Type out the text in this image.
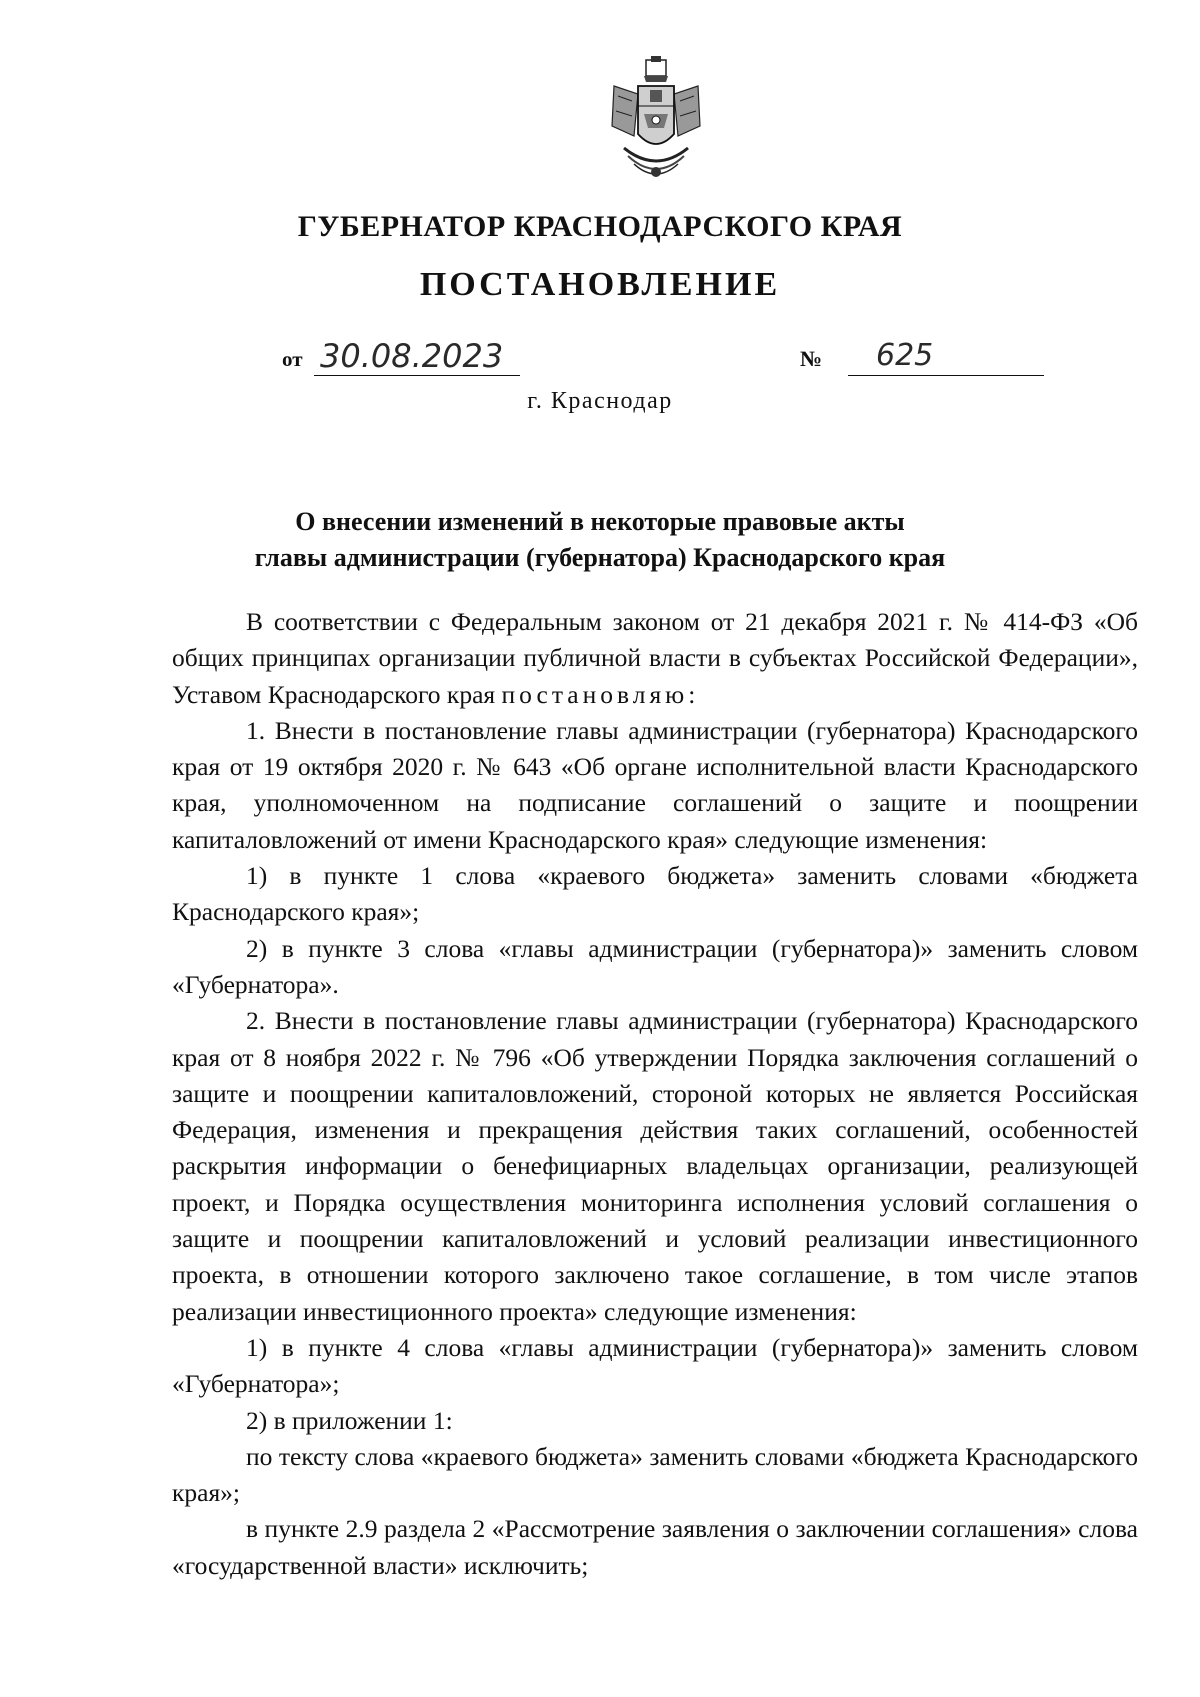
ГУБЕРНАТОР КРАСНОДАРСКОГО КРАЯ
ПОСТАНОВЛЕНИЕ
от 30.08.2023	№	625
г. Краснодар
О внесении изменений в некоторые правовые акты
главы администрации (губернатора) Краснодарского края

В соответствии с Федеральным законом от 21 декабря 2021 г. № 414-ФЗ «Об общих принципах организации публичной власти в субъектах Российской Федерации», Уставом Краснодарского края постановляю:

1. Внести в постановление главы администрации (губернатора) Краснодарского края от 19 октября 2020 г. № 643 «Об органе исполнительной власти Краснодарского края, уполномоченном на подписание соглашений о защите и поощрении капиталовложений от имени Краснодарского края» следующие изменения:

1) в пункте 1 слова «краевого бюджета» заменить словами «бюджета Краснодарского края»;

2) в пункте 3 слова «главы администрации (губернатора)» заменить словом «Губернатора».

2. Внести в постановление главы администрации (губернатора) Краснодарского края от 8 ноября 2022 г. № 796 «Об утверждении Порядка заключения соглашений о защите и поощрении капиталовложений, стороной которых не является Российская Федерация, изменения и прекращения действия таких соглашений, особенностей раскрытия информации о бенефициарных владельцах организации, реализующей проект, и Порядка осуществления мониторинга исполнения условий соглашения о защите и поощрении капиталовложений и условий реализации инвестиционного проекта, в отношении которого заключено такое соглашение, в том числе этапов реализации инвестиционного проекта» следующие изменения:

1) в пункте 4 слова «главы администрации (губернатора)» заменить словом «Губернатора»;

2) в приложении 1:

по тексту слова «краевого бюджета» заменить словами «бюджета Краснодарского края»;

в пункте 2.9 раздела 2 «Рассмотрение заявления о заключении соглашения» слова «государственной власти» исключить;
